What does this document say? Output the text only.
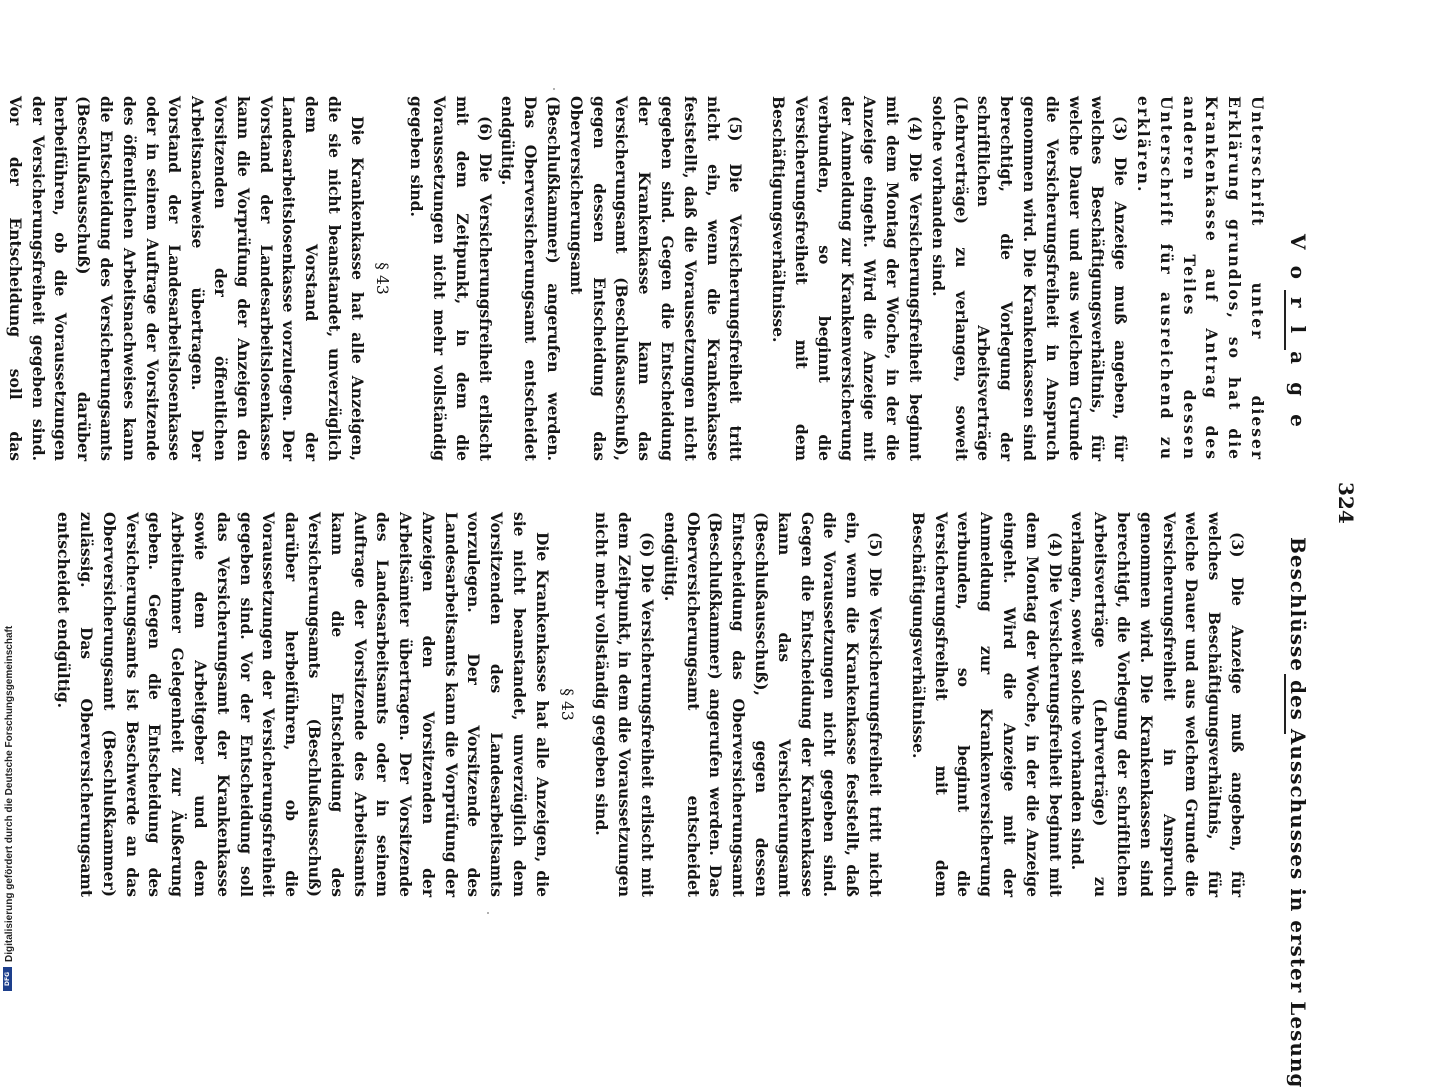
324
Vorlage
Beschlüsse des Ausschusses in erster Lesung

Unterschrift unter dieser Erklärung grundlos, so hat die Krankenkasse auf Antrag des anderen Teiles dessen Unterschrift für ausreichend zu erklären.

(3) Die Anzeige muß angeben, für welches Beschäftigungsverhältnis, für welche Dauer und aus welchem Grunde die Versicherungsfreiheit in Anspruch genommen wird. Die Krankenkassen sind berechtigt, die Vorlegung der schriftlichen Arbeitsverträge (Lehrverträge) zu verlangen, soweit solche vorhanden sind.

(4) Die Versicherungsfreiheit beginnt mit dem Montag der Woche, in der die Anzeige eingeht. Wird die Anzeige mit der Anmeldung zur Krankenversicherung verbunden, so beginnt die Versicherungsfreiheit mit dem Beschäftigungsverhältnisse.

(5) Die Versicherungsfreiheit tritt nicht ein, wenn die Krankenkasse feststellt, daß die Voraussetzungen nicht gegeben sind. Gegen die Entscheidung der Krankenkasse kann das Versicherungsamt (Beschlußausschuß), gegen dessen Entscheidung das Oberversicherungsamt (Beschlußkammer) angerufen werden. Das Oberversicherungsamt entscheidet endgültig.

(6) Die Versicherungsfreiheit erlischt mit dem Zeitpunkt, in dem die Voraussetzungen nicht mehr vollständig gegeben sind.

§ 43

Die Krankenkasse hat alle Anzeigen, die sie nicht beanstandet, unverzüglich dem Vorstand der Landesarbeitslosenkasse vorzulegen. Der Vorstand der Landesarbeitslosenkasse kann die Vorprüfung der Anzeigen den Vorsitzenden der öffentlichen Arbeitsnachweise übertragen. Der Vorstand der Landesarbeitslosenkasse oder in seinem Auftrage der Vorsitzende des öffentlichen Arbeitsnachweises kann die Entscheidung des Versicherungsamts (Beschlußausschuß) darüber herbeiführen, ob die Voraussetzungen der Versicherungsfreiheit gegeben sind. Vor der Entscheidung soll das

(3) Die Anzeige muß angeben, für welches Beschäftigungsverhältnis, für welche Dauer und aus welchem Grunde die Versicherungsfreiheit in Anspruch genommen wird. Die Krankenkassen sind berechtigt, die Vorlegung der schriftlichen Arbeitsverträge (Lehrverträge) zu verlangen, soweit solche vorhanden sind.

(4) Die Versicherungsfreiheit beginnt mit dem Montag der Woche, in der die Anzeige eingeht. Wird die Anzeige mit der Anmeldung zur Krankenversicherung verbunden, so beginnt die Versicherungsfreiheit mit dem Beschäftigungsverhältnisse.

(5) Die Versicherungsfreiheit tritt nicht ein, wenn die Krankenkasse feststellt, daß die Voraussetzungen nicht gegeben sind. Gegen die Entscheidung der Krankenkasse kann das Versicherungsamt (Beschlußausschuß), gegen dessen Entscheidung das Oberversicherungsamt (Beschlußkammer) angerufen werden. Das Oberversicherungsamt entscheidet endgültig.

(6) Die Versicherungsfreiheit erlischt mit dem Zeitpunkt, in dem die Voraussetzungen nicht mehr vollständig gegeben sind.

§ 43

Die Krankenkasse hat alle Anzeigen, die sie nicht beanstandet, unverzüglich dem Vorsitzenden des Landesarbeitsamts vorzulegen. Der Vorsitzende des Landesarbeitsamts kann die Vorprüfung der Anzeigen den Vorsitzenden der Arbeitsämter übertragen. Der Vorsitzende des Landesarbeitsamts oder in seinem Auftrage der Vorsitzende des Arbeitsamts kann die Entscheidung des Versicherungsamts (Beschlußausschuß) darüber herbeiführen, ob die Voraussetzungen der Versicherungsfreiheit gegeben sind. Vor der Entscheidung soll das Versicherungsamt der Krankenkasse sowie dem Arbeitgeber und dem Arbeitnehmer Gelegenheit zur Äußerung geben. Gegen die Entscheidung des Versicherungsamts ist Beschwerde an das Oberversicherungsamt (Beschlußkammer) zulässig. Das Oberversicherungsamt entscheidet endgültig.

Digitalisierung gefördert durch die Deutsche Forschungsgemeinschaft
DFG
